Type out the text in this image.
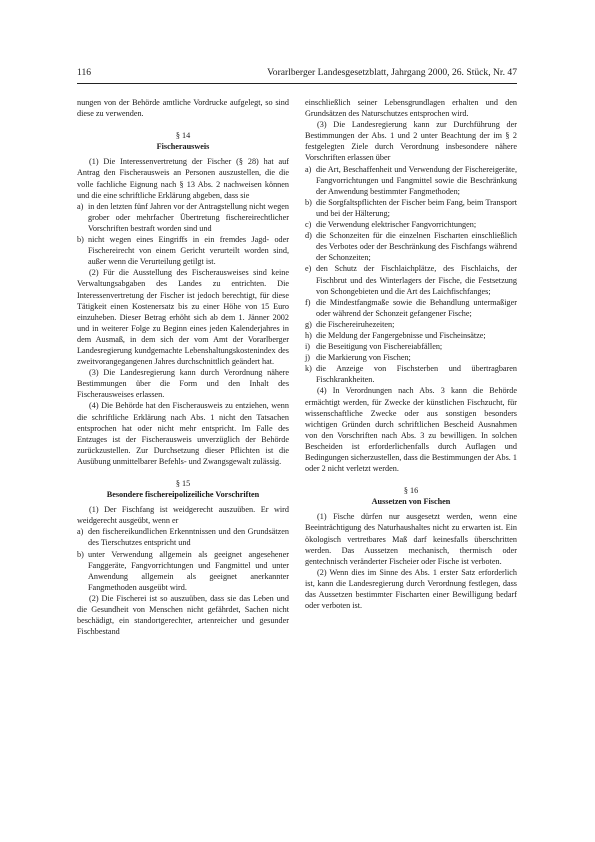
116	Vorarlberger Landesgesetzblatt, Jahrgang 2000, 26. Stück, Nr. 47

nungen von der Behörde amtliche Vordrucke aufgelegt, so sind diese zu verwenden.

§ 14
Fischerausweis

(1) Die Interessenvertretung der Fischer (§ 28) hat auf Antrag den Fischerausweis an Personen auszustellen, die die volle fachliche Eignung nach § 13 Abs. 2 nachweisen können und die eine schriftliche Erklärung abgeben, dass sie

a) in den letzten fünf Jahren vor der Antragstellung nicht wegen grober oder mehrfacher Übertretung fischereirechtlicher Vorschriften bestraft worden sind und
b) nicht wegen eines Eingriffs in ein fremdes Jagd- oder Fischereirecht von einem Gericht verurteilt worden sind, außer wenn die Verurteilung getilgt ist.

(2) Für die Ausstellung des Fischerausweises sind keine Verwaltungsabgaben des Landes zu entrichten. Die Interessenvertretung der Fischer ist jedoch berechtigt, für diese Tätigkeit einen Kostenersatz bis zu einer Höhe von 15 Euro einzuheben. Dieser Betrag erhöht sich ab dem 1. Jänner 2002 und in weiterer Folge zu Beginn eines jeden Kalenderjahres in dem Ausmaß, in dem sich der vom Amt der Vorarlberger Landesregierung kundgemachte Lebenshaltungskostenindex des zweitvorangegangenen Jahres durchschnittlich geändert hat.

(3) Die Landesregierung kann durch Verordnung nähere Bestimmungen über die Form und den Inhalt des Fischerausweises erlassen.

(4) Die Behörde hat den Fischerausweis zu entziehen, wenn die schriftliche Erklärung nach Abs. 1 nicht den Tatsachen entsprochen hat oder nicht mehr entspricht. Im Falle des Entzuges ist der Fischerausweis unverzüglich der Behörde zurückzustellen. Zur Durchsetzung dieser Pflichten ist die Ausübung unmittelbarer Befehls- und Zwangsgewalt zulässig.

§ 15
Besondere fischereipolizeiliche Vorschriften

(1) Der Fischfang ist weidgerecht auszuüben. Er wird weidgerecht ausgeübt, wenn er

a) den fischereikundlichen Erkenntnissen und den Grundsätzen des Tierschutzes entspricht und
b) unter Verwendung allgemein als geeignet angesehener Fanggeräte, Fangvorrichtungen und Fangmittel und unter Anwendung allgemein als geeignet anerkannter Fangmethoden ausgeübt wird.

(2) Die Fischerei ist so auszuüben, dass sie das Leben und die Gesundheit von Menschen nicht gefährdet, Sachen nicht beschädigt, ein standortgerechter, artenreicher und gesunder Fischbestand

einschließlich seiner Lebensgrundlagen erhalten und den Grundsätzen des Naturschutzes entsprochen wird.

(3) Die Landesregierung kann zur Durchführung der Bestimmungen der Abs. 1 und 2 unter Beachtung der im § 2 festgelegten Ziele durch Verordnung insbesondere nähere Vorschriften erlassen über

a) die Art, Beschaffenheit und Verwendung der Fischereigeräte, Fangvorrichtungen und Fangmittel sowie die Beschränkung der Anwendung bestimmter Fangmethoden;
b) die Sorgfaltspflichten der Fischer beim Fang, beim Transport und bei der Hälterung;
c) die Verwendung elektrischer Fangvorrichtungen;
d) die Schonzeiten für die einzelnen Fischarten einschließlich des Verbotes oder der Beschränkung des Fischfangs während der Schonzeiten;
e) den Schutz der Fischlaichplätze, des Fischlaichs, der Fischbrut und des Winterlagers der Fische, die Festsetzung von Schongebieten und die Art des Laichfischfanges;
f) die Mindestfangmaße sowie die Behandlung untermaßiger oder während der Schonzeit gefangener Fische;
g) die Fischereiruhezeiten;
h) die Meldung der Fangergebnisse und Fischeinsätze;
i) die Beseitigung von Fischereiabfällen;
j) die Markierung von Fischen;
k) die Anzeige von Fischsterben und übertragbaren Fischkrankheiten.

(4) In Verordnungen nach Abs. 3 kann die Behörde ermächtigt werden, für Zwecke der künstlichen Fischzucht, für wissenschaftliche Zwecke oder aus sonstigen besonders wichtigen Gründen durch schriftlichen Bescheid Ausnahmen von den Vorschriften nach Abs. 3 zu bewilligen. In solchen Bescheiden ist erforderlichenfalls durch Auflagen und Bedingungen sicherzustellen, dass die Bestimmungen der Abs. 1 oder 2 nicht verletzt werden.

§ 16
Aussetzen von Fischen

(1) Fische dürfen nur ausgesetzt werden, wenn eine Beeinträchtigung des Naturhaushaltes nicht zu erwarten ist. Ein ökologisch vertretbares Maß darf keinesfalls überschritten werden. Das Aussetzen mechanisch, thermisch oder gentechnisch veränderter Fischeier oder Fische ist verboten.

(2) Wenn dies im Sinne des Abs. 1 erster Satz erforderlich ist, kann die Landesregierung durch Verordnung festlegen, dass das Aussetzen bestimmter Fischarten einer Bewilligung bedarf oder verboten ist.
